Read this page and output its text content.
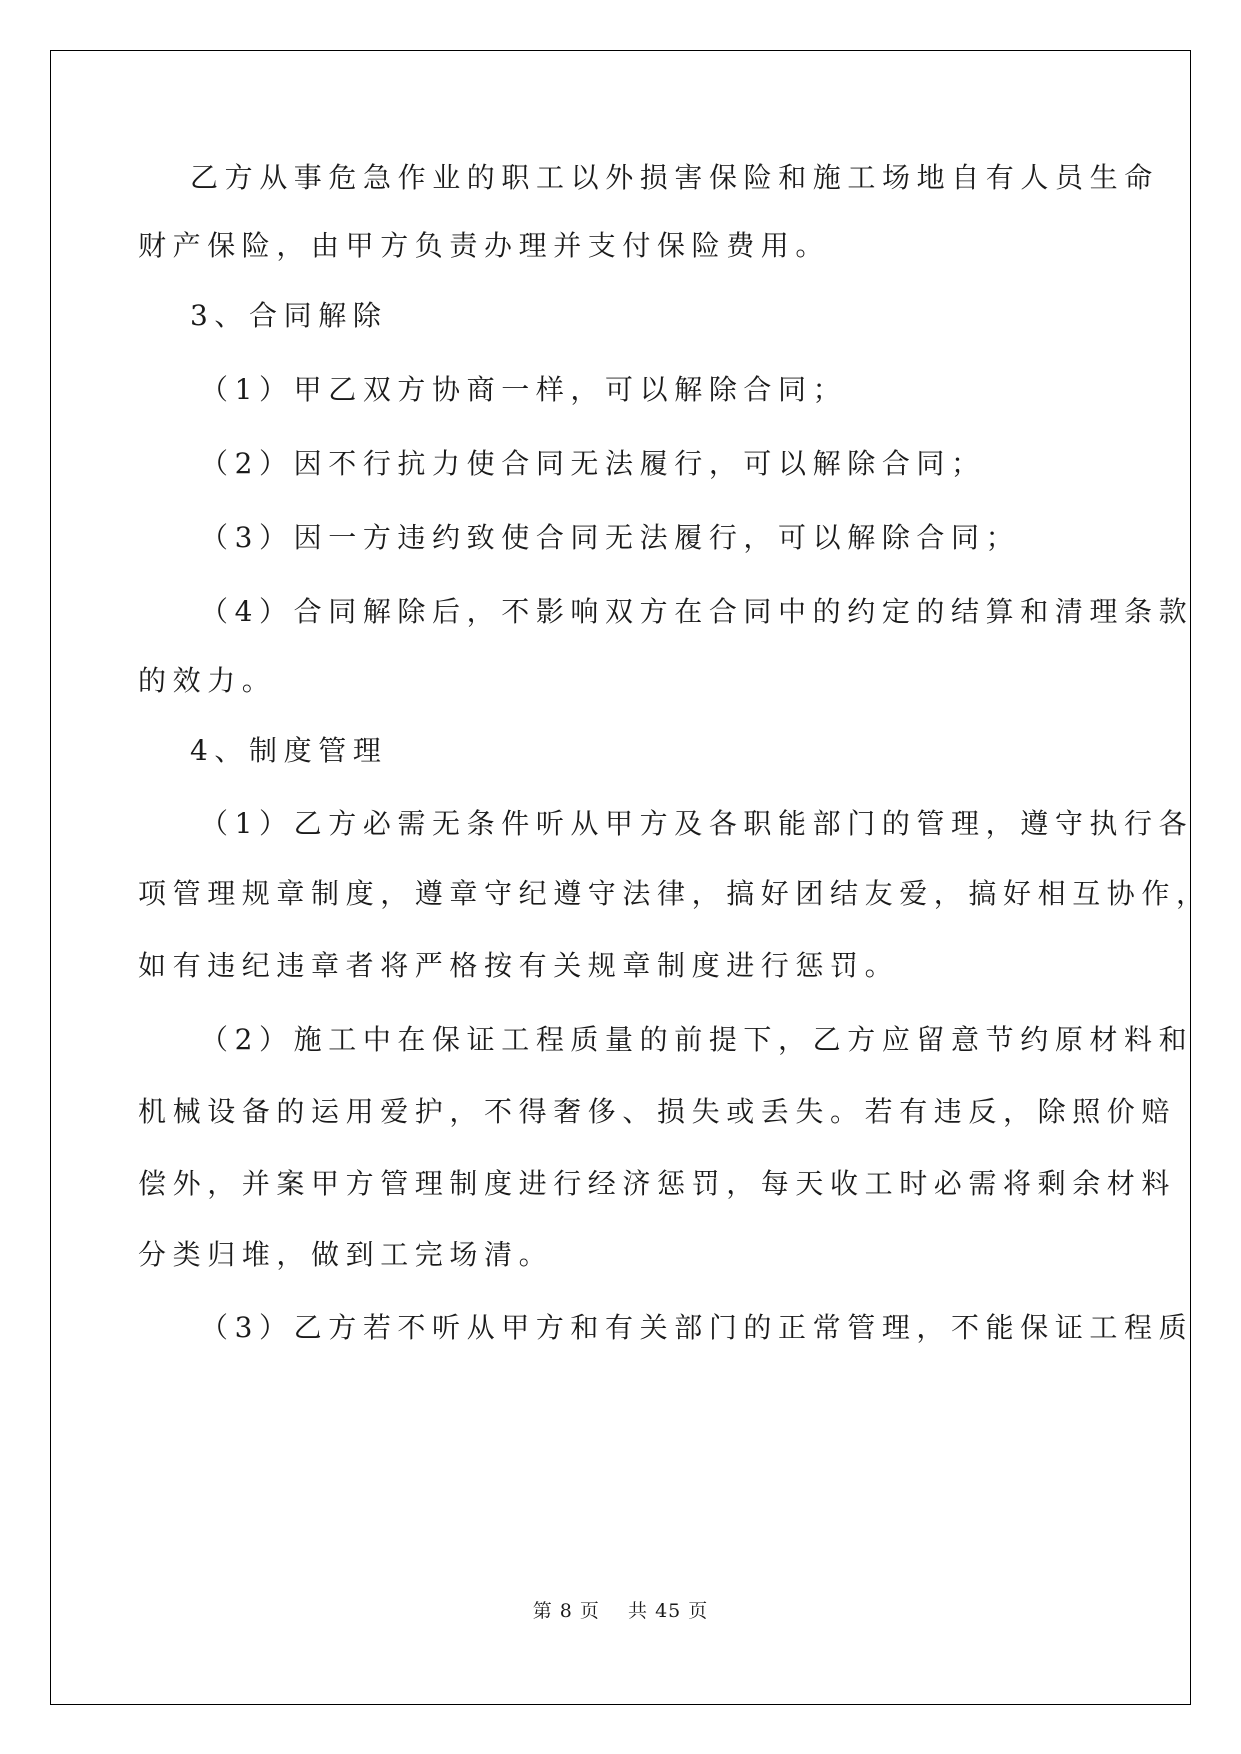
乙方从事危急作业的职工以外损害保险和施工场地自有人员生命
财产保险，由甲方负责办理并支付保险费用。
3、合同解除
（1）甲乙双方协商一样，可以解除合同；
（2）因不行抗力使合同无法履行，可以解除合同；
（3）因一方违约致使合同无法履行，可以解除合同；
（4）合同解除后，不影响双方在合同中的约定的结算和清理条款
的效力。
4、制度管理
（1）乙方必需无条件听从甲方及各职能部门的管理，遵守执行各
项管理规章制度，遵章守纪遵守法律，搞好团结友爱，搞好相互协作，
如有违纪违章者将严格按有关规章制度进行惩罚。
（2）施工中在保证工程质量的前提下，乙方应留意节约原材料和
机械设备的运用爱护，不得奢侈、损失或丢失。若有违反，除照价赔
偿外，并案甲方管理制度进行经济惩罚，每天收工时必需将剩余材料
分类归堆，做到工完场清。
（3）乙方若不听从甲方和有关部门的正常管理，不能保证工程质
第 8 页    共 45 页
